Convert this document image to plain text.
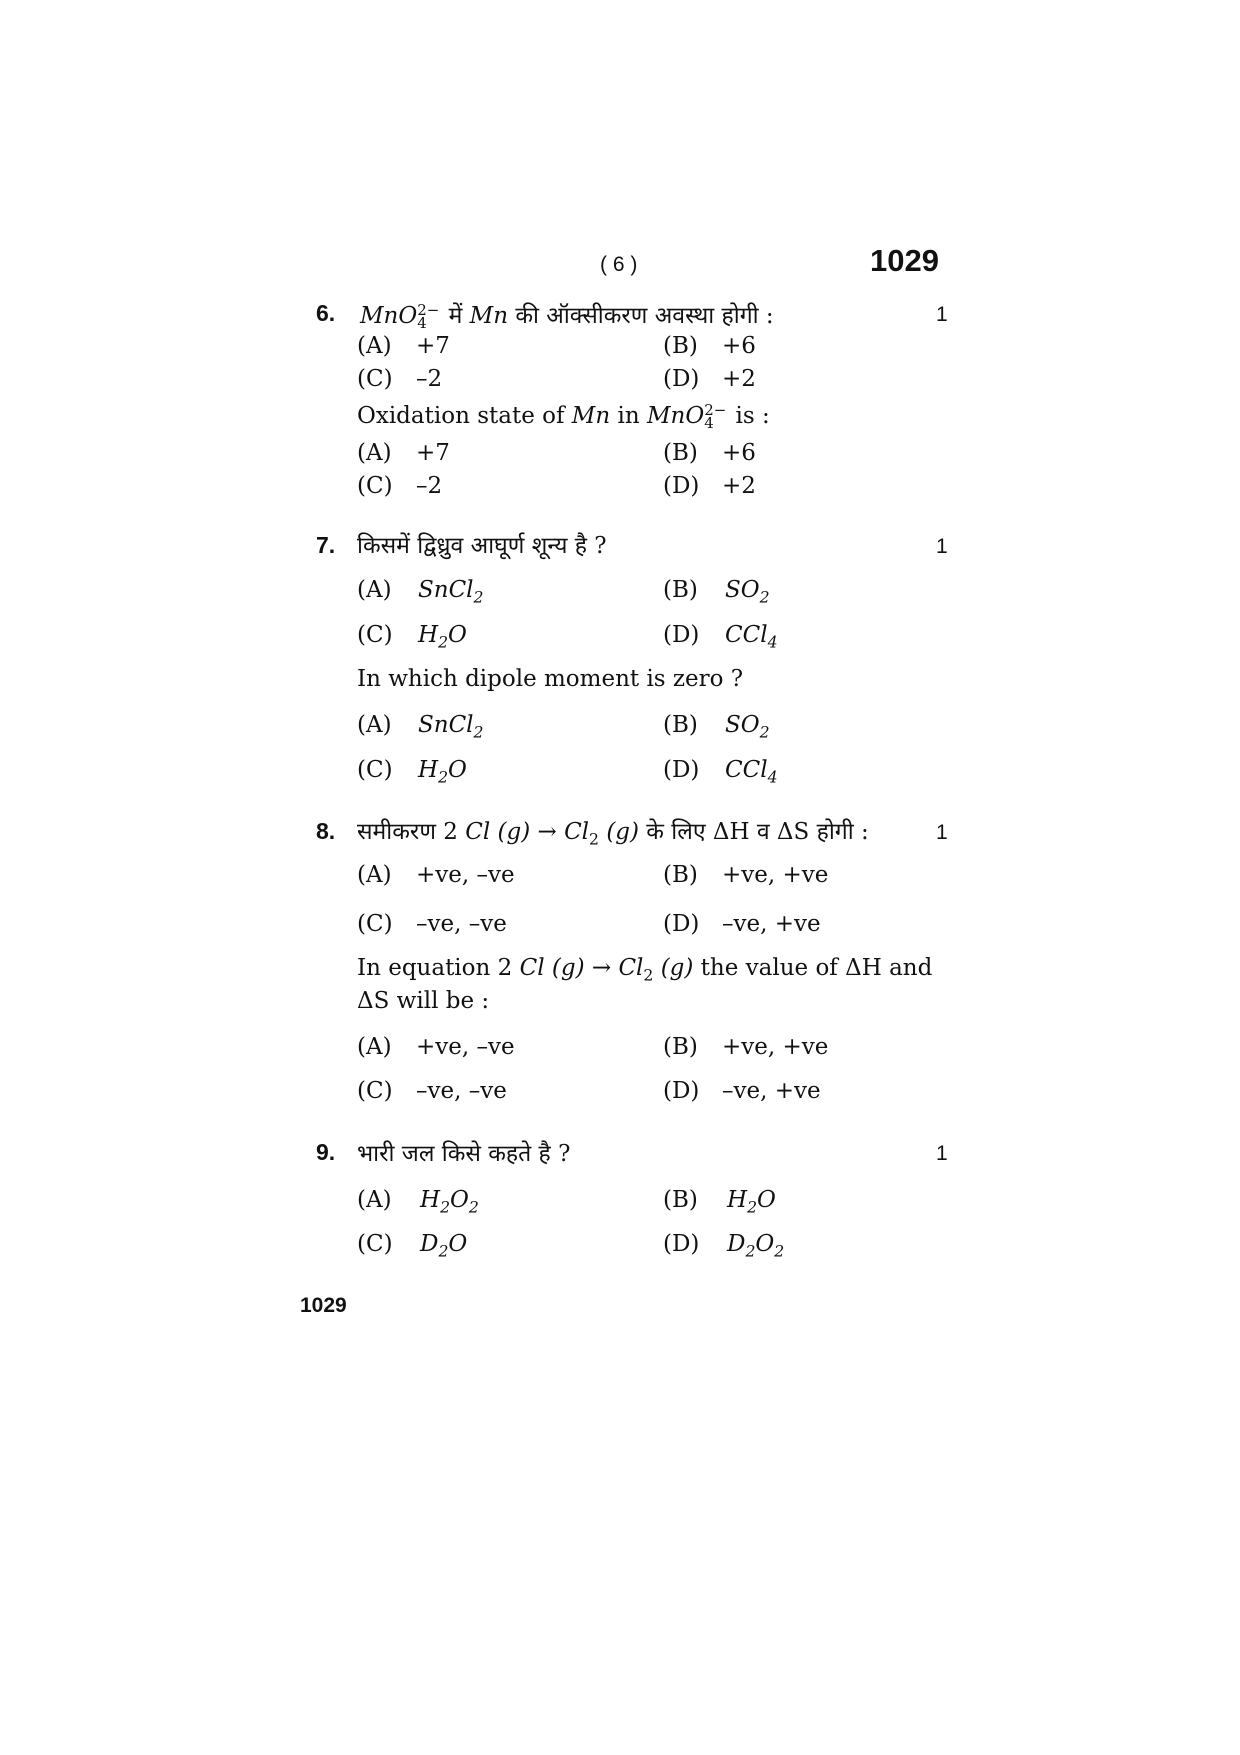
( 6 )	1029
6. MnO 2−
4 में Mn की ऑक्सीकरण अवस्था होगी :	1
(A) +7	(B) +6
(C) –2	(D) +2
Oxidation state of Mn in MnO 2−
4 is :
(A) +7	(B) +6
(C) –2	(D) +2
7. किसमें द्विध्रुव आघूर्ण शून्य है ?	1
(A) SnCl$_2$	(B) $SO_2$
(C) $H_2O$	(D) CCl$_4$
In which dipole moment is zero ?
(A) SnCl$_2$	(B) $SO_2$
(C) $H_2O$	(D) CCl$_4$
8. समीकरण 2 Cl $(g) \to Cl_2$ (g) के लिए ΔH व ΔS होगी :	1
(A) +ve, –ve	(B) +ve, +ve
(C) –ve, –ve	(D) –ve, +ve
In equation 2 Cl $(g) \to Cl_2$ (g) the value of ΔH and
ΔS will be :
(A) +ve, –ve	(B) +ve, +ve
(C) –ve, –ve	(D) –ve, +ve
9. भारी जल किसे कहते है ?	1
(A) $H_2O_2$	(B) $H_2O$
(C) $D_2O$	(D) $D_2O_2$
1029
